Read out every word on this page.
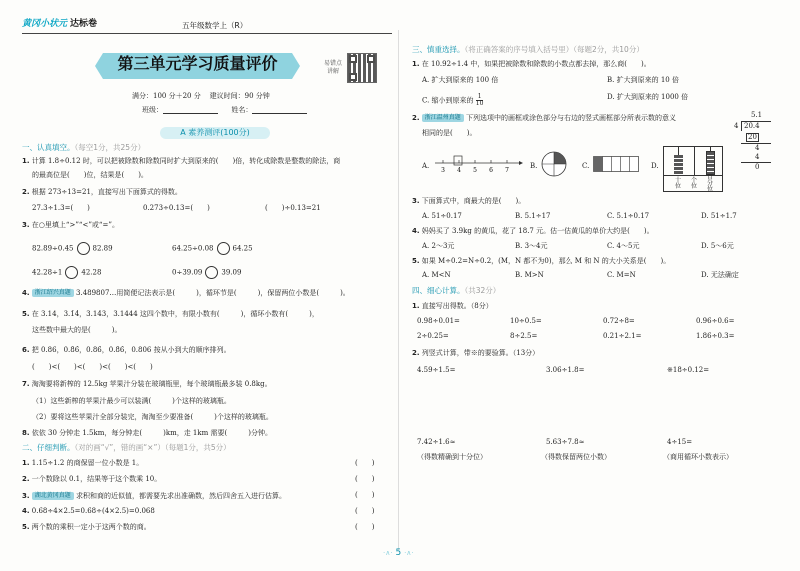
黄冈小状元 达标卷	五年级数学上（R）
第三单元学习质量评价	易错点讲解
满分：100 分＋20 分 建议时间：90 分钟
班级：	姓名：
A 素养测评(100分)
一、认真填空。（每空1分，共25分）
1. 计算 1.8÷0.12 时，可以把被除数和除数同时扩大到原来的(　　)倍，转化成除数是整数的除法，商
的最高位是(　　)位，结果是(　　)。
2. 根据 273÷13=21，直接写出下面算式的得数。
27.3÷1.3=(　　)	0.273÷0.13=(　　)	(　　)÷0.13=21
3. 在○里填上“>”“<”或“=”。
82.89÷0.45	82.89	64.25÷0.08	64.25
42.28÷1	42.28	0÷39.09	39.09
4. 浙江绍兴真题 3.489807…用简便记法表示是(　　　)，循环节是(　　　)，保留两位小数是(　　　)。
5. 在 3.14，3.1̇4̇，3.14̇3，3.1444 这四个数中，有限小数有(　　　)，循环小数有(　　　)，
这些数中最大的是(　　　)。
6. 把 0.86，0.8̇6̇，0.86̇，0.8̇6̇，0.806 按从小到大的顺序排列。
(　　)<(　　)<(　　)<(　　)<(　　)
7. 淘淘要将新榨的 12.5kg 苹果汁分装在玻璃瓶里，每个玻璃瓶最多装 0.8kg。
（1）这些新榨的苹果汁最少可以装满(　　　)个这样的玻璃瓶。
（2）要将这些苹果汁全部分装完，淘淘至少要准备(　　　)个这样的玻璃瓶。
8. 依依 30 分钟走 1.5km，每分钟走(　　　)km，走 1km 需要(　　　)分钟。
二、仔细判断。（对的画“√”，错的画“×”）（每题1分，共5分）
1. 1.15÷1.2 的商保留一位小数是 1。	(　　)
2. 一个数除以 0.1，结果等于这个数乘 10。	(　　)
3. 湖北黄冈真题 求积和商的近似值，都需要先求出准确数，然后四舍五入进行估算。	(　　)
4. 0.68÷4×2.5=0.68÷(4×2.5)=0.068	(　　)
5. 两个数的乘积一定小于这两个数的商。	(　　)
三、慎重选择。（将正确答案的序号填入括号里）（每题2分，共10分）
1. 在 10.92÷1.4 中，如果把被除数和除数的小数点都去掉，那么商(　　)。
A. 扩大到原来的 100 倍	B. 扩大到原来的 10 倍
C. 缩小到原来的 $\frac{1}{10}$	D. 扩大到原来的 1000 倍
2. 浙江温州真题 下列选项中的画框或涂色部分与右边的竖式画框部分所表示数的意义
相同的是(　　)。
5.1
4 20.4
20
4
4
0
A.
3 4 5 6 7
B.	C.	D.
十位
个位
百分位
3. 下面算式中，商最大的是(　　)。
A. 51÷0.17	B. 5.1÷17	C. 5.1÷0.17	D. 51÷1.7
4. 妈妈买了 3.9kg 的黄瓜，花了 18.7 元。估一估黄瓜的单价大约是(　　)。
A. 2～3元	B. 3～4元	C. 4～5元	D. 5～6元
5. 如果 M÷0.2=N÷0.2，(M，N 都不为0)，那么 M 和 N 的大小关系是(　　)。
A. M<N	B. M>N	C. M=N	D. 无法确定
四、细心计算。（共32分）
1. 直接写出得数。（8分）
0.98÷0.01=	10÷0.5=	0.72÷8=	0.96÷0.6=
2÷0.25=	8÷2.5=	0.21÷2.1=	1.86÷0.3=
2. 列竖式计算，带※的要验算。（13分）
4.59÷1.5=	3.06÷1.8=	※18÷0.12=
7.42÷1.6≈	5.63÷7.8≈	4÷15=
（得数精确到十分位）	（得数保留两位小数）	（商用循环小数表示）
·∧· 5 ·∧·
